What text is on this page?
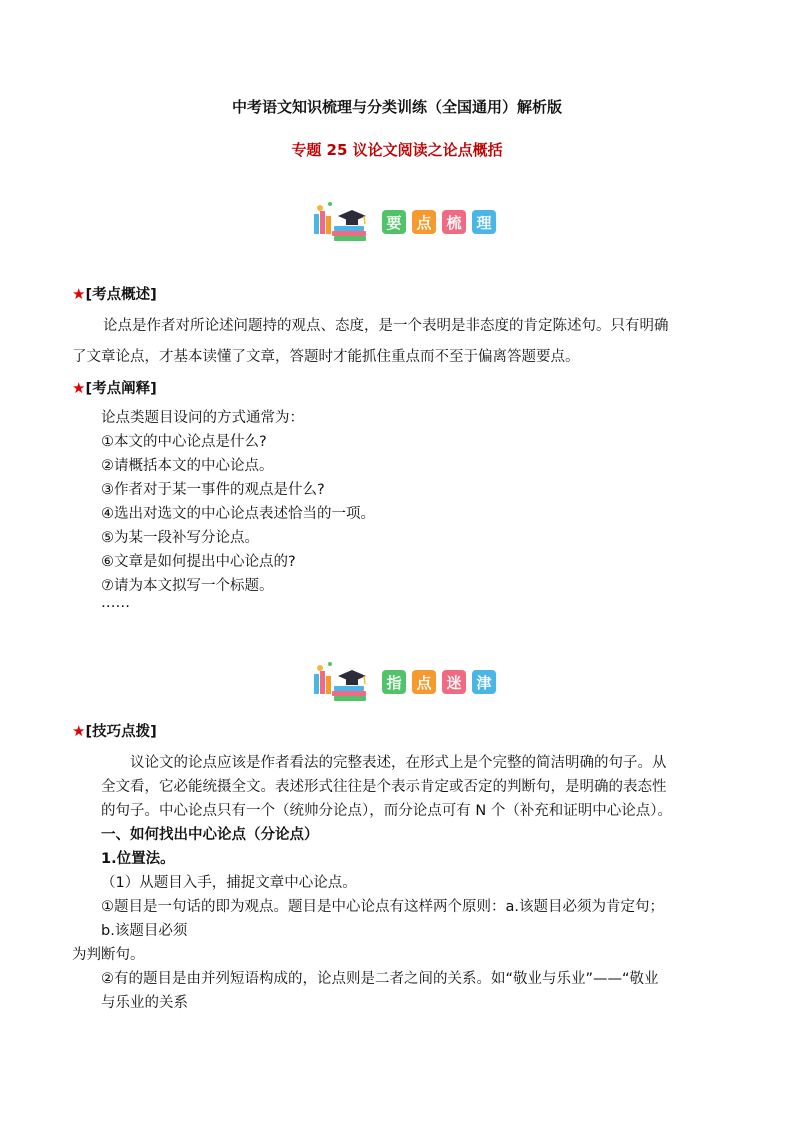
中考语文知识梳理与分类训练（全国通用）解析版
专题 25 议论文阅读之论点概括
要 点 梳 理
★[考点概述]
论点是作者对所论述问题持的观点、态度，是一个表明是非态度的肯定陈述句。只有明确
了文章论点，才基本读懂了文章，答题时才能抓住重点而不至于偏离答题要点。
★[考点阐释]
论点类题目设问的方式通常为：
①本文的中心论点是什么?
②请概括本文的中心论点。
③作者对于某一事件的观点是什么?
④选出对选文的中心论点表述恰当的一项。
⑤为某一段补写分论点。
⑥文章是如何提出中心论点的?
⑦请为本文拟写一个标题。
……
指 点 迷 津
★[技巧点拨]
议论文的论点应该是作者看法的完整表述，在形式上是个完整的简洁明确的句子。从
全文看，它必能统摄全文。表述形式往往是个表示肯定或否定的判断句，是明确的表态性
的句子。中心论点只有一个（统帅分论点），而分论点可有 N 个（补充和证明中心论点）。
一、如何找出中心论点（分论点）
1.位置法。
（1）从题目入手，捕捉文章中心论点。
①题目是一句话的即为观点。题目是中心论点有这样两个原则：a.该题目必须为肯定句；
b.该题目必须
为判断句。
②有的题目是由并列短语构成的，论点则是二者之间的关系。如“敬业与乐业”——“敬业
与乐业的关系
